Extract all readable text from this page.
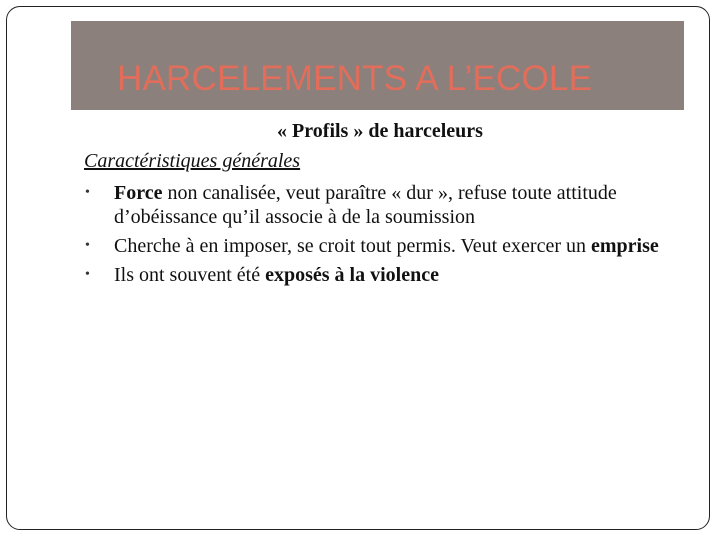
HARCELEMENTS A L’ECOLE
« Profils » de harceleurs
Caractéristiques générales
•
Force non canalisée, veut paraître « dur », refuse toute attitude d’obéissance qu’il associe à de la soumission
•
Cherche à en imposer, se croit tout permis. Veut exercer un emprise
•
Ils ont souvent été exposés à la violence
